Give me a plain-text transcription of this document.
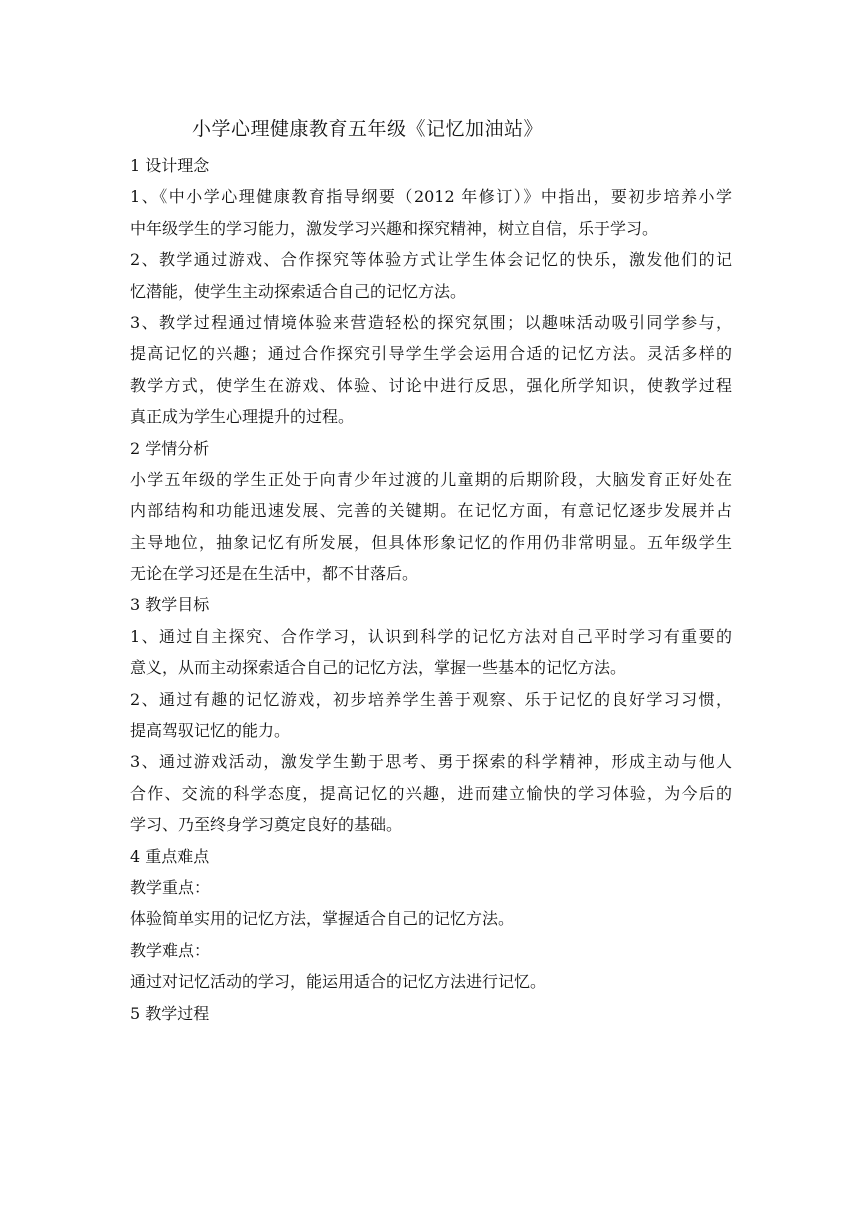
小学心理健康教育五年级《记忆加油站》
1 设计理念
1、《中小学心理健康教育指导纲要（2012 年修订）》中指出，要初步培养小学
中年级学生的学习能力，激发学习兴趣和探究精神，树立自信，乐于学习。
2、教学通过游戏、合作探究等体验方式让学生体会记忆的快乐，激发他们的记
忆潜能，使学生主动探索适合自己的记忆方法。
3、教学过程通过情境体验来营造轻松的探究氛围；以趣味活动吸引同学参与，
提高记忆的兴趣；通过合作探究引导学生学会运用合适的记忆方法。灵活多样的
教学方式，使学生在游戏、体验、讨论中进行反思，强化所学知识，使教学过程
真正成为学生心理提升的过程。
2 学情分析
小学五年级的学生正处于向青少年过渡的儿童期的后期阶段，大脑发育正好处在
内部结构和功能迅速发展、完善的关键期。在记忆方面，有意记忆逐步发展并占
主导地位，抽象记忆有所发展，但具体形象记忆的作用仍非常明显。五年级学生
无论在学习还是在生活中，都不甘落后。
3 教学目标
1、通过自主探究、合作学习，认识到科学的记忆方法对自己平时学习有重要的
意义，从而主动探索适合自己的记忆方法，掌握一些基本的记忆方法。
2、通过有趣的记忆游戏，初步培养学生善于观察、乐于记忆的良好学习习惯，
提高驾驭记忆的能力。
3、通过游戏活动，激发学生勤于思考、勇于探索的科学精神，形成主动与他人
合作、交流的科学态度，提高记忆的兴趣，进而建立愉快的学习体验，为今后的
学习、乃至终身学习奠定良好的基础。
4 重点难点
教学重点：
体验简单实用的记忆方法，掌握适合自己的记忆方法。
教学难点：
通过对记忆活动的学习，能运用适合的记忆方法进行记忆。
5 教学过程
